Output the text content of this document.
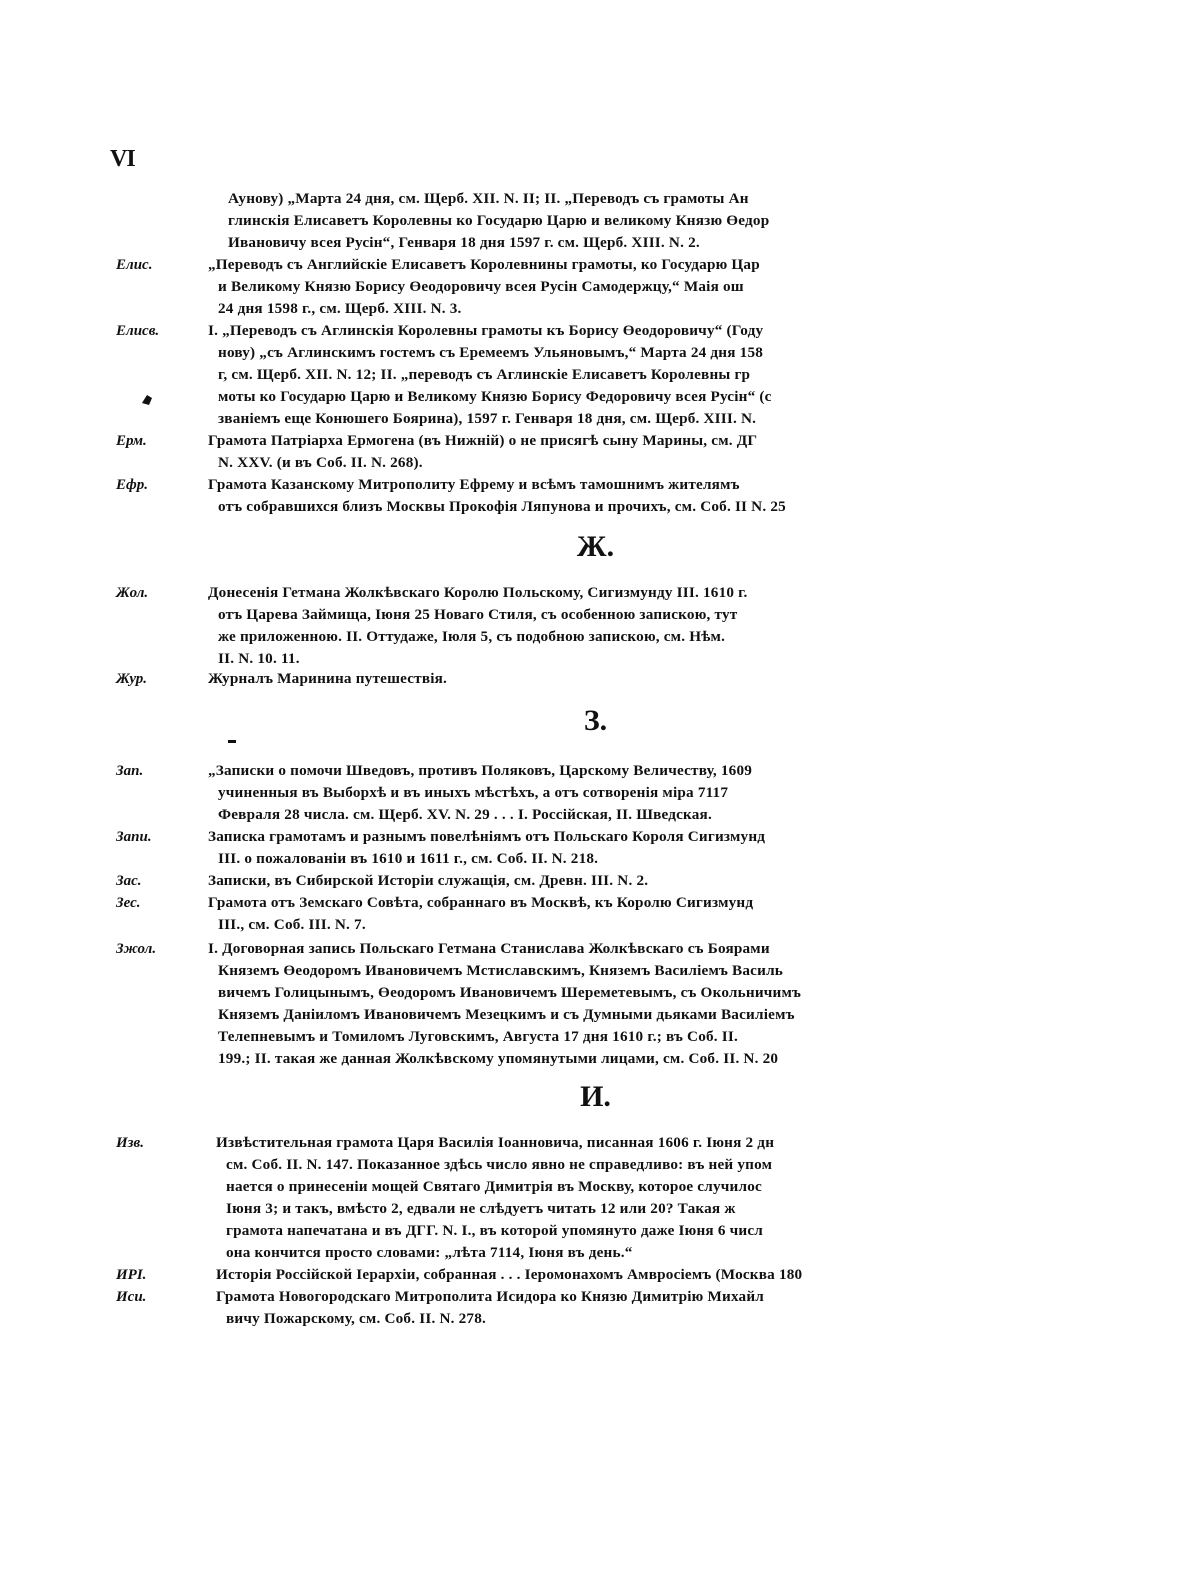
VI
Аунову) „Марта 24 дня, см. Щерб. XII. N. II; II. „Переводъ съ грамоты Ан
глинскія Елисаветъ Королевны ко Государю Царю и великому Князю Өедор
Ивановичу всея Русін“, Генваря 18 дня 1597 г. см. Щерб. XIII. N. 2.
Елис.	„Переводъ съ Английскіе Елисаветъ Королевнины грамоты, ко Государю Цар
и Великому Князю Борису Өеодоровичу всея Русін Самодержцу,“ Маія ош
24 дня 1598 г., см. Щерб. XIII. N. 3.
Елисв.	I. „Переводъ съ Аглинскія Королевны грамоты къ Борису Өеодоровичу“ (Году
нову) „съ Аглинскимъ гостемъ съ Еремеемъ Ульяновымъ,“ Марта 24 дня 158
г, см. Щерб. XII. N. 12; II. „переводъ съ Аглинскіе Елисаветъ Королевны гр
моты ко Государю Царю и Великому Князю Борису Федоровичу всея Русін“ (с
званіемъ еще Конюшего Боярина), 1597 г. Генваря 18 дня, см. Щерб. XIII. N.
Ерм.	Грамота Патріарха Ермогена (въ Нижній) о не присягѣ сыну Марины, см. ДГ
N. XXV. (и въ Соб. II. N. 268).
Ефр.	Грамота Казанскому Митрополиту Ефрему и всѣмъ тамошнимъ жителямъ
отъ собравшихся близъ Москвы Прокофія Ляпунова и прочихъ, см. Соб. II N. 25
Ж.
Жол.	Донесенія Гетмана Жолкѣвскаго Королю Польскому, Сигизмунду III. 1610 г.
отъ Царева Займища, Іюня 25 Новаго Стиля, съ особенною запискою, тут
же приложенною. II. Оттудаже, Іюля 5, съ подобною запискою, см. Нѣм.
II. N. 10. 11.
Жур.	Журналъ Маринина путешествія.
З.
Зап.	„Записки о помочи Шведовъ, противъ Поляковъ, Царскому Величеству, 1609
учиненныя въ Выборхѣ и въ иныхъ мѣстѣхъ, а отъ сотворенія міра 7117
Февраля 28 числа. см. Щерб. XV. N. 29 . . . I. Россійская, II. Шведская.
Запи.	Записка грамотамъ и разнымъ повелѣніямъ отъ Польскаго Короля Сигизмунд
III. о пожалованіи въ 1610 и 1611 г., см. Соб. II. N. 218.
Зас.	Записки, въ Сибирской Исторіи служащія, см. Древн. III. N. 2.
Зес.	Грамота отъ Земскаго Совѣта, собраннаго въ Москвѣ, къ Королю Сигизмунд
III., см. Соб. III. N. 7.
Зжол.	I. Договорная запись Польскаго Гетмана Станислава Жолкѣвскаго съ Боярами
Княземъ Өеодоромъ Ивановичемъ Мстиславскимъ, Княземъ Василіемъ Василь
вичемъ Голицынымъ, Өеодоромъ Ивановичемъ Шереметевымъ, съ Окольничимъ
Княземъ Даніиломъ Ивановичемъ Мезецкимъ и съ Думными дьяками Василіемъ
Телепневымъ и Томиломъ Луговскимъ, Августа 17 дня 1610 г.; въ Соб. II.
199.; II. такая же данная Жолкѣвскому упомянутыми лицами, см. Соб. II. N. 20
И.
Изв.	Извѣстительная грамота Царя Василія Іоанновича, писанная 1606 г. Іюня 2 дн
см. Соб. II. N. 147. Показанное здѣсь число явно не справедливо: въ ней упом
нается о принесеніи мощей Святаго Димитрія въ Москву, которое случилос
Іюня 3; и такъ, вмѣсто 2, едвали не слѣдуетъ читать 12 или 20? Такая ж
грамота напечатана и въ ДГГ. N. I., въ которой упомянуто даже Іюня 6 числ
она кончится просто словами: „лѣта 7114, Іюня въ день.“
ИРІ.	Исторія Россійской Іерархіи, собранная . . . Іеромонахомъ Амвросіемъ (Москва 180
Иси.	Грамота Новогородскаго Митрополита Исидора ко Князю Димитрію Михайл
вичу Пожарскому, см. Соб. II. N. 278.
